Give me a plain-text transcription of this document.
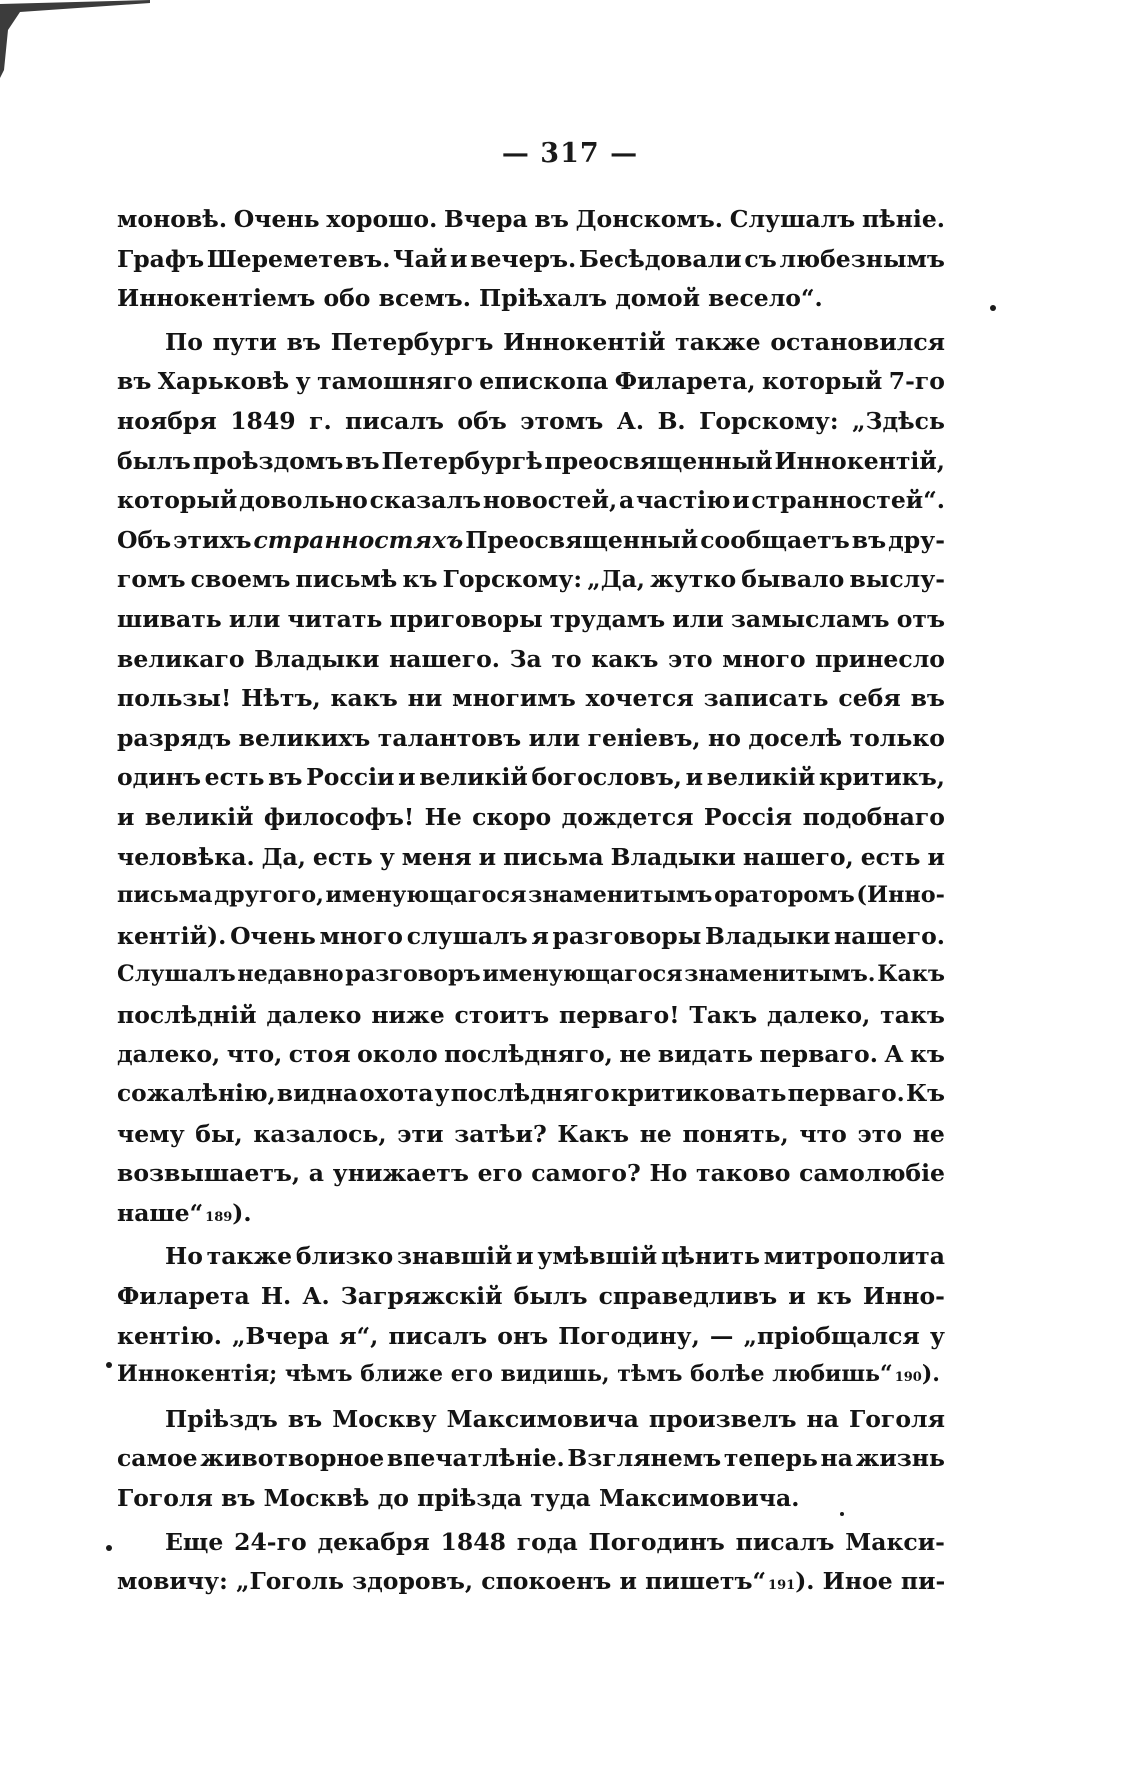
— 317 —
моновѣ. Очень хорошо. Вчера въ Донскомъ. Слушалъ пѣніе.
Графъ Шереметевъ. Чай и вечеръ. Бесѣдовали съ любезнымъ
Иннокентіемъ обо всемъ. Пріѣхалъ домой весело“.
По пути въ Петербургъ Иннокентій также остановился
въ Харьковѣ у тамошняго епископа Филарета, который 7-го
ноября 1849 г. писалъ объ этомъ А. В. Горскому: „Здѣсь
былъ проѣздомъ въ Петербургѣ преосвященный Иннокентій,
который довольно сказалъ новостей, а частію и странностей“.
Объ этихъ странностяхъ Преосвященный сообщаетъ въ дру-
гомъ своемъ письмѣ къ Горскому: „Да, жутко бывало выслу-
шивать или читать приговоры трудамъ или замысламъ отъ
великаго Владыки нашего. За то какъ это много принесло
пользы! Нѣтъ, какъ ни многимъ хочется записать себя въ
разрядъ великихъ талантовъ или геніевъ, но доселѣ только
одинъ есть въ Россіи и великій богословъ, и великій критикъ,
и великій философъ! Не скоро дождется Россія подобнаго
человѣка. Да, есть у меня и письма Владыки нашего, есть и
письма другого, именующагося знаменитымъ ораторомъ (Инно-
кентій). Очень много слушалъ я разговоры Владыки нашего.
Слушалъ недавно разговоръ именующагося знаменитымъ. Какъ
послѣдній далеко ниже стоитъ перваго! Такъ далеко, такъ
далеко, что, стоя около послѣдняго, не видать перваго. А къ
сожалѣнію, видна охота у послѣдняго критиковать перваго. Къ
чему бы, казалось, эти затѣи? Какъ не понять, что это не
возвышаетъ, а унижаетъ его самого? Но таково самолюбіе
наше“ 189 ).
Но также близко знавшій и умѣвшій цѣнить митрополита
Филарета Н. А. Загряжскій былъ справедливъ и къ Инно-
кентію. „Вчера я“, писалъ онъ Погодину, — „пріобщался у
Иннокентія; чѣмъ ближе его видишь, тѣмъ болѣе любишь“ 190 ).
Пріѣздъ въ Москву Максимовича произвелъ на Гоголя
самое животворное впечатлѣніе. Взглянемъ теперь на жизнь
Гоголя въ Москвѣ до пріѣзда туда Максимовича.
Еще 24-го декабря 1848 года Погодинъ писалъ Макси-
мовичу: „Гоголь здоровъ, спокоенъ и пишетъ“ 191 ). Иное пи-
